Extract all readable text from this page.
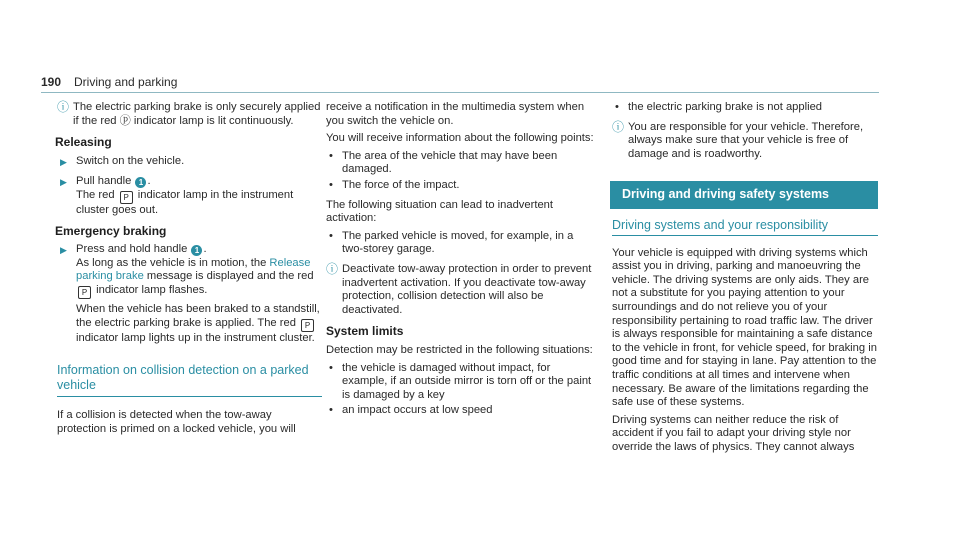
190 Driving and parking
ⓘ The electric parking brake is only securely applied if the red ⓟ indicator lamp is lit continuously.

Releasing
▶ Switch on the vehicle.
▶ Pull handle 1 .
The red P indicator lamp in the instrument cluster goes out.
Emergency braking
▶ Press and hold handle 1 .
As long as the vehicle is in motion, the Release parking brake message is displayed and the red P indicator lamp flashes.

When the vehicle has been braked to a standstill, the electric parking brake is applied. The red P indicator lamp lights up in the instrument cluster.

Information on collision detection on a parked vehicle

If a collision is detected when the tow-away protection is primed on a locked vehicle, you will

receive a notification in the multimedia system when you switch the vehicle on.

You will receive information about the following points:

• The area of the vehicle that may have been damaged.
• The force of the impact.

The following situation can lead to inadvertent activation:

• The parked vehicle is moved, for example, in a two-storey garage.
ⓘ Deactivate tow-away protection in order to prevent inadvertent activation. If you deactivate tow-away protection, collision detection will also be deactivated.

System limits

Detection may be restricted in the following situations:

• the vehicle is damaged without impact, for example, if an outside mirror is torn off or the paint is damaged by a key
• an impact occurs at low speed
• the electric parking brake is not applied
ⓘ You are responsible for your vehicle. Therefore, always make sure that your vehicle is free of damage and is roadworthy.

Driving and driving safety systems
Driving systems and your responsibility

Your vehicle is equipped with driving systems which assist you in driving, parking and manoeuvring the vehicle. The driving systems are only aids. They are not a substitute for you paying attention to your surroundings and do not relieve you of your responsibility pertaining to road traffic law. The driver is always responsible for maintaining a safe distance to the vehicle in front, for vehicle speed, for braking in good time and for staying in lane. Pay attention to the traffic conditions at all times and intervene when necessary. Be aware of the limitations regarding the safe use of these systems.

Driving systems can neither reduce the risk of accident if you fail to adapt your driving style nor override the laws of physics. They cannot always
